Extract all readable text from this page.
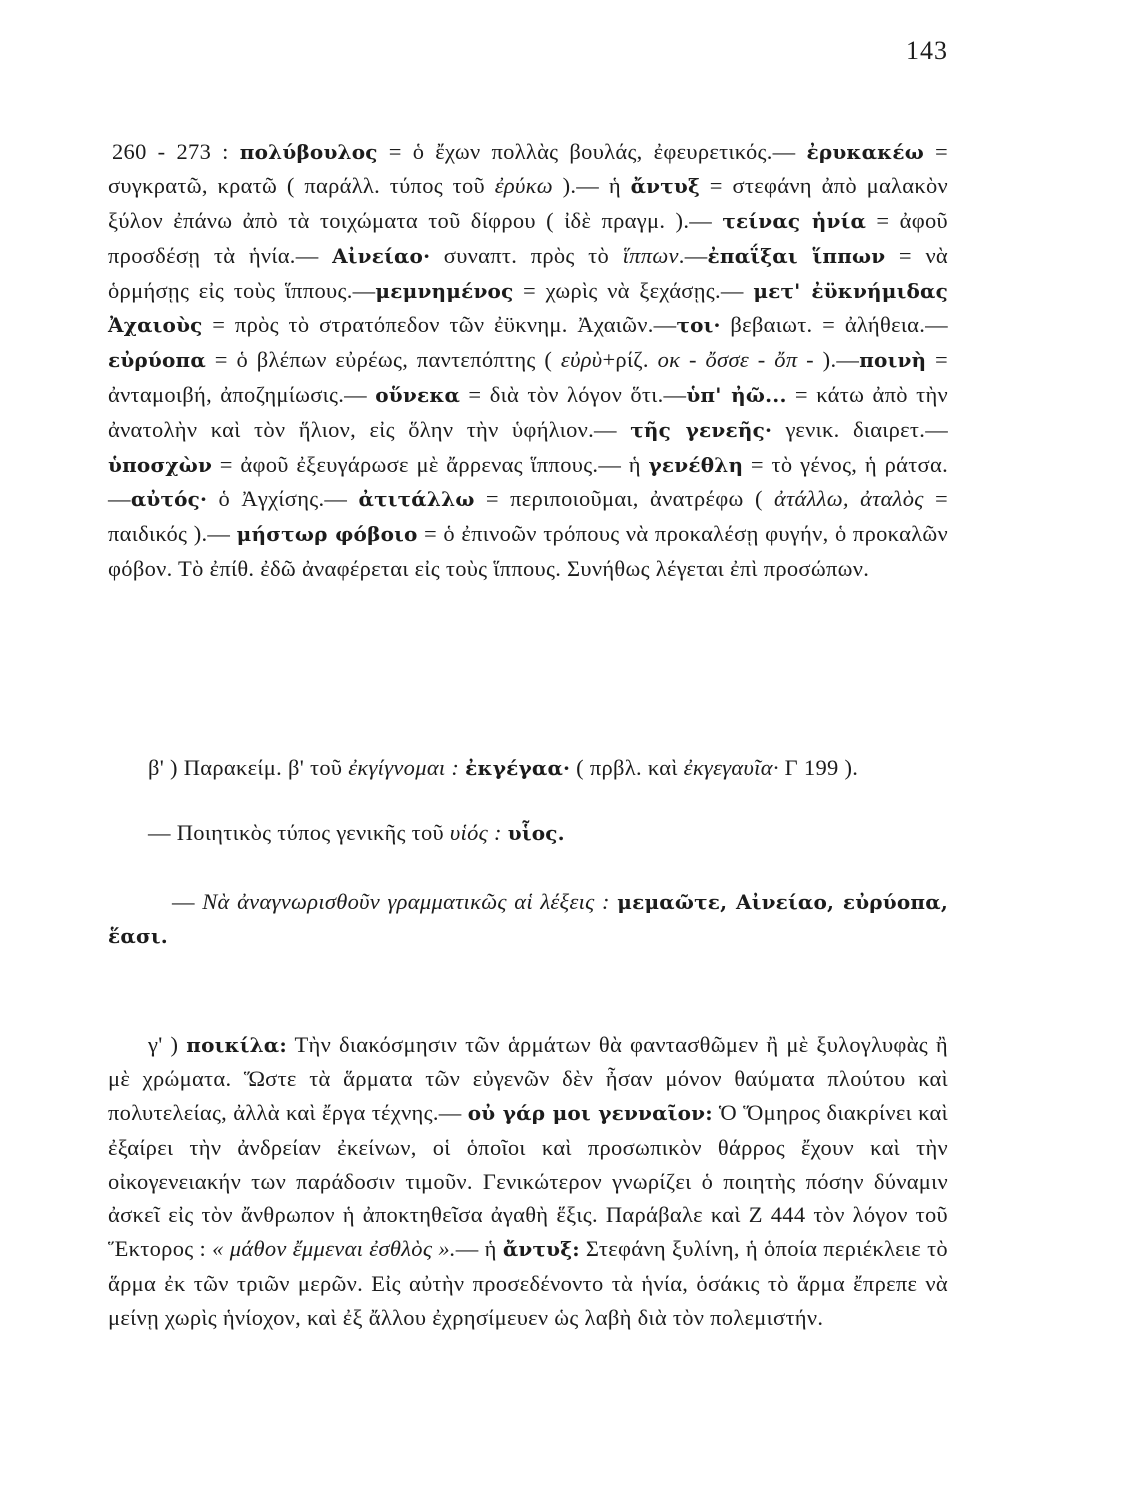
143

260 - 273 : πολύβουλος = ὁ ἔχων πολλὰς βουλάς, ἐφευρετικός.— ἐρυκακέω = συγκρατῶ, κρατῶ ( παράλλ. τύπος τοῦ ἐρύκω ).— ἡ ἄντυξ = στεφάνη ἀπὸ μαλακὸν ξύλον ἐπάνω ἀπὸ τὰ τοιχώματα τοῦ δίφρου ( ἰδὲ πραγμ. ).— τείνας ἡνία = ἀφοῦ προσδέσῃ τὰ ἡνία.— Αἰνείαο· συναπτ. πρὸς τὸ ἵππων.—ἐπαΐξαι ἵππων = νὰ ὁρμήσῃς εἰς τοὺς ἵππους.—μεμνημένος = χωρὶς νὰ ξεχάσῃς.— μετ' ἐϋκνήμιδας Ἀχαιοὺς = πρὸς τὸ στρατόπεδον τῶν ἐϋκνημ. Ἀχαιῶν.—τοι· βεβαιωτ. = ἀλήθεια.—εὐρύοπα = ὁ βλέπων εὐρέως, παντεπόπτης ( εὐρὺ+ρίζ. οκ - ὄσσε - ὄπ - ).—ποινὴ = ἀνταμοιβή, ἀποζημίωσις.— οὕνεκα = διὰ τὸν λόγον ὅτι.—ὑπ' ἠῶ... = κάτω ἀπὸ τὴν ἀνατολὴν καὶ τὸν ἥλιον, εἰς ὅλην τὴν ὑφήλιον.— τῆς γενεῆς· γενικ. διαιρετ.— ὑποσχὼν = ἀφοῦ ἐξευγάρωσε μὲ ἄρρενας ἵππους.— ἡ γενέθλη = τὸ γένος, ἡ ράτσα.—αὐτός· ὁ Ἀγχίσης.— ἀτιτάλλω = περιποιοῦμαι, ἀνατρέφω ( ἀτάλλω, ἀταλὸς = παιδικός ).— μήστωρ φόβοιο = ὁ ἐπινοῶν τρόπους νὰ προκαλέσῃ φυγήν, ὁ προκαλῶν φόβον. Τὸ ἐπίθ. ἐδῶ ἀναφέρεται εἰς τοὺς ἵππους. Συνήθως λέγεται ἐπὶ προσώπων.

β' ) Παρακείμ. β' τοῦ ἐκγίγνομαι : ἐκγέγαα· ( πρβλ. καὶ ἐκγεγαυῖα· Γ 199 ).

— Ποιητικὸς τύπος γενικῆς τοῦ υἱός : υἷος.

— Νὰ ἀναγνωρισθοῦν γραμματικῶς αἱ λέξεις : μεμαῶτε, Αἰνείαο, εὐρύοπα, ἕασι.

γ' ) ποικίλα: Τὴν διακόσμησιν τῶν ἁρμάτων θὰ φαντασθῶμεν ἢ μὲ ξυλογλυφὰς ἢ μὲ χρώματα. Ὥστε τὰ ἅρματα τῶν εὐγενῶν δὲν ἦσαν μόνον θαύματα πλούτου καὶ πολυτελείας, ἀλλὰ καὶ ἔργα τέχνης.— οὐ γάρ μοι γενναῖον: Ὁ Ὅμηρος διακρίνει καὶ ἐξαίρει τὴν ἀνδρείαν ἐκείνων, οἱ ὁποῖοι καὶ προσωπικὸν θάρρος ἔχουν καὶ τὴν οἰκογενειακήν των παράδοσιν τιμοῦν. Γενικώτερον γνωρίζει ὁ ποιητὴς πόσην δύναμιν ἀσκεῖ εἰς τὸν ἄνθρωπον ἡ ἀποκτηθεῖσα ἀγαθὴ ἕξις. Παράβαλε καὶ Ζ 444 τὸν λόγον τοῦ Ἕκτορος : « μάθον ἔμμεναι ἐσθλὸς ».— ἡ ἄντυξ: Στεφάνη ξυλίνη, ἡ ὁποία περιέκλειε τὸ ἅρμα ἐκ τῶν τριῶν μερῶν. Εἰς αὐτὴν προσεδένοντο τὰ ἡνία, ὁσάκις τὸ ἅρμα ἔπρεπε νὰ μείνῃ χωρὶς ἡνίοχον, καὶ ἐξ ἄλλου ἐχρησίμευεν ὡς λαβὴ διὰ τὸν πολεμιστήν.
